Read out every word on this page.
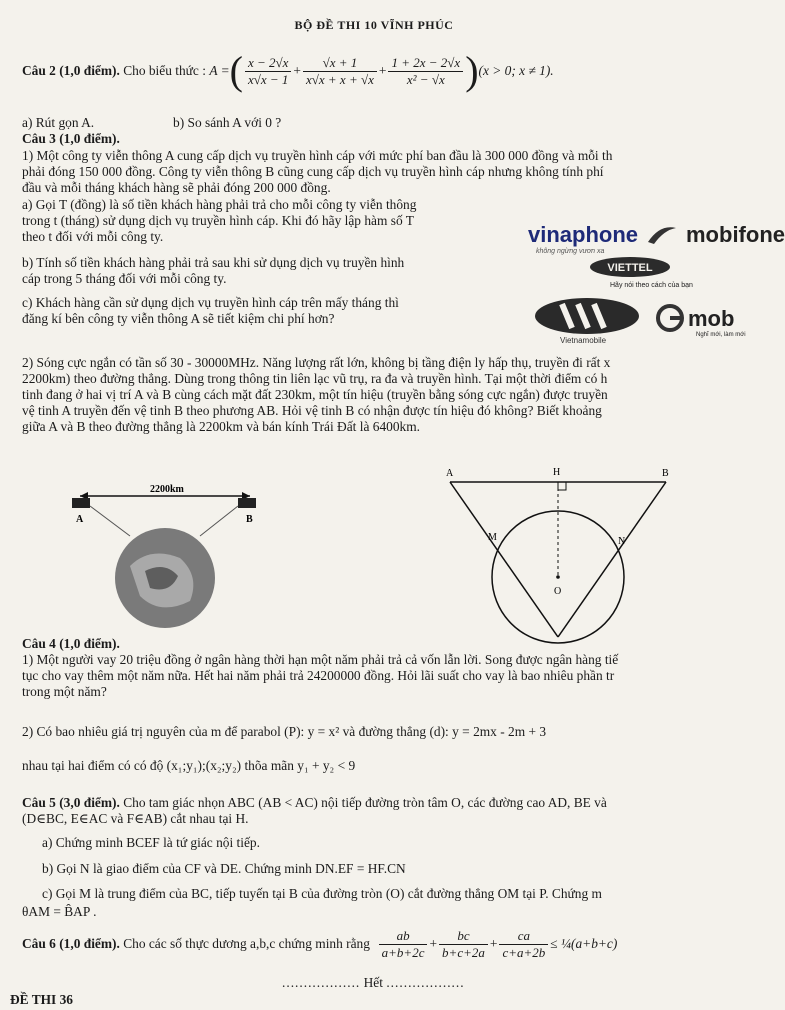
BỘ ĐỀ THI 10 VĨNH PHÚC
Câu 2 (1,0 điểm).
Cho biểu thức :
A = ( $\frac{x - 2√x}{x√x - 1} + \frac{√x + 1}{x√x + x + √x} + \frac{1 + 2x - 2√x}{\text{x² − √x}}$ ) (x > 0; x ≠ 1).
a) Rút gọn A.	b) So sánh A với 0 ?
Câu 3 (1,0 điểm).
1) Một công ty viễn thông A cung cấp dịch vụ truyền hình cáp với mức phí ban đầu là 300 000 đồng và mỗi th
phải đóng 150 000 đồng. Công ty viễn thông B cũng cung cấp dịch vụ truyền hình cáp nhưng không tính phí
đầu và mỗi tháng khách hàng sẽ phải đóng 200 000 đồng.
a) Gọi T (đồng) là số tiền khách hàng phải trả cho mỗi công ty viễn thông
trong t (tháng) sử dụng dịch vụ truyền hình cáp. Khi đó hãy lập hàm số T
theo t đối với mỗi công ty.
b) Tính số tiền khách hàng phải trả sau khi sử dụng dịch vụ truyền hình
cáp trong 5 tháng đối với mỗi công ty.
c) Khách hàng cần sử dụng dịch vụ truyền hình cáp trên mấy tháng thì
đăng kí bên công ty viễn thông A sẽ tiết kiệm chi phí hơn?
vinaphone
không ngừng vươn xa
mobifone
VIETTEL
Hãy nói theo cách của bạn
Vietnamobile
mob
Nghĩ mới, làm mới
2) Sóng cực ngắn có tần số 30 - 30000MHz. Năng lượng rất lớn, không bị tầng điện ly hấp thụ, truyền đi rất x
2200km) theo đường thẳng. Dùng trong thông tin liên lạc vũ trụ, ra đa và truyền hình. Tại một thời điểm có h
tinh đang ở hai vị trí A và B cùng cách mặt đất 230km, một tín hiệu (truyền bằng sóng cực ngắn) được truyền
vệ tinh A truyền đến vệ tinh B theo phương AB. Hỏi vệ tinh B có nhận được tín hiệu đó không? Biết khoảng
giữa A và B theo đường thẳng là 2200km và bán kính Trái Đất là 6400km.
2200km
A	B
A	H	B
M	N
O
Câu 4 (1,0 điểm).
1) Một người vay 20 triệu đồng ở ngân hàng thời hạn một năm phải trả cả vốn lẫn lời. Song được ngân hàng tiế
tục cho vay thêm một năm nữa. Hết hai năm phải trả 24200000 đồng. Hỏi lãi suất cho vay là bao nhiêu phần tr
trong một năm?
2) Có bao nhiêu giá trị nguyên của m để parabol (P): y = x² và đường thẳng (d): y = 2mx - 2m + 3
nhau tại hai điểm có có độ (x₁;y₁);(x₂;y₂) thõa mãn y₁ + y₂ < 9
Câu 5 (3,0 điểm). Cho tam giác nhọn ABC (AB < AC) nội tiếp đường tròn tâm O, các đường cao AD, BE và
(D∈BC, E∈AC và F∈AB) cắt nhau tại H.
a) Chứng minh BCEF là tứ giác nội tiếp.
b) Gọi N là giao điểm của CF và DE. Chứng minh DN.EF = HF.CN
c) Gọi M là trung điểm của BC, tiếp tuyến tại B của đường tròn (O) cắt đường thẳng OM tại P. Chứng m
θAM = B̂AP .
Câu 6 (1,0 điểm).
Cho các số thực dương a,b,c chứng minh rằng
$\frac{ab}{a+b+2c} + \frac{bc}{b+c+2a} + \frac{ca}{c+a+2b}$ ≤ ¼(a+b+c)
.................. Hết ..................
ĐỀ THI 36
